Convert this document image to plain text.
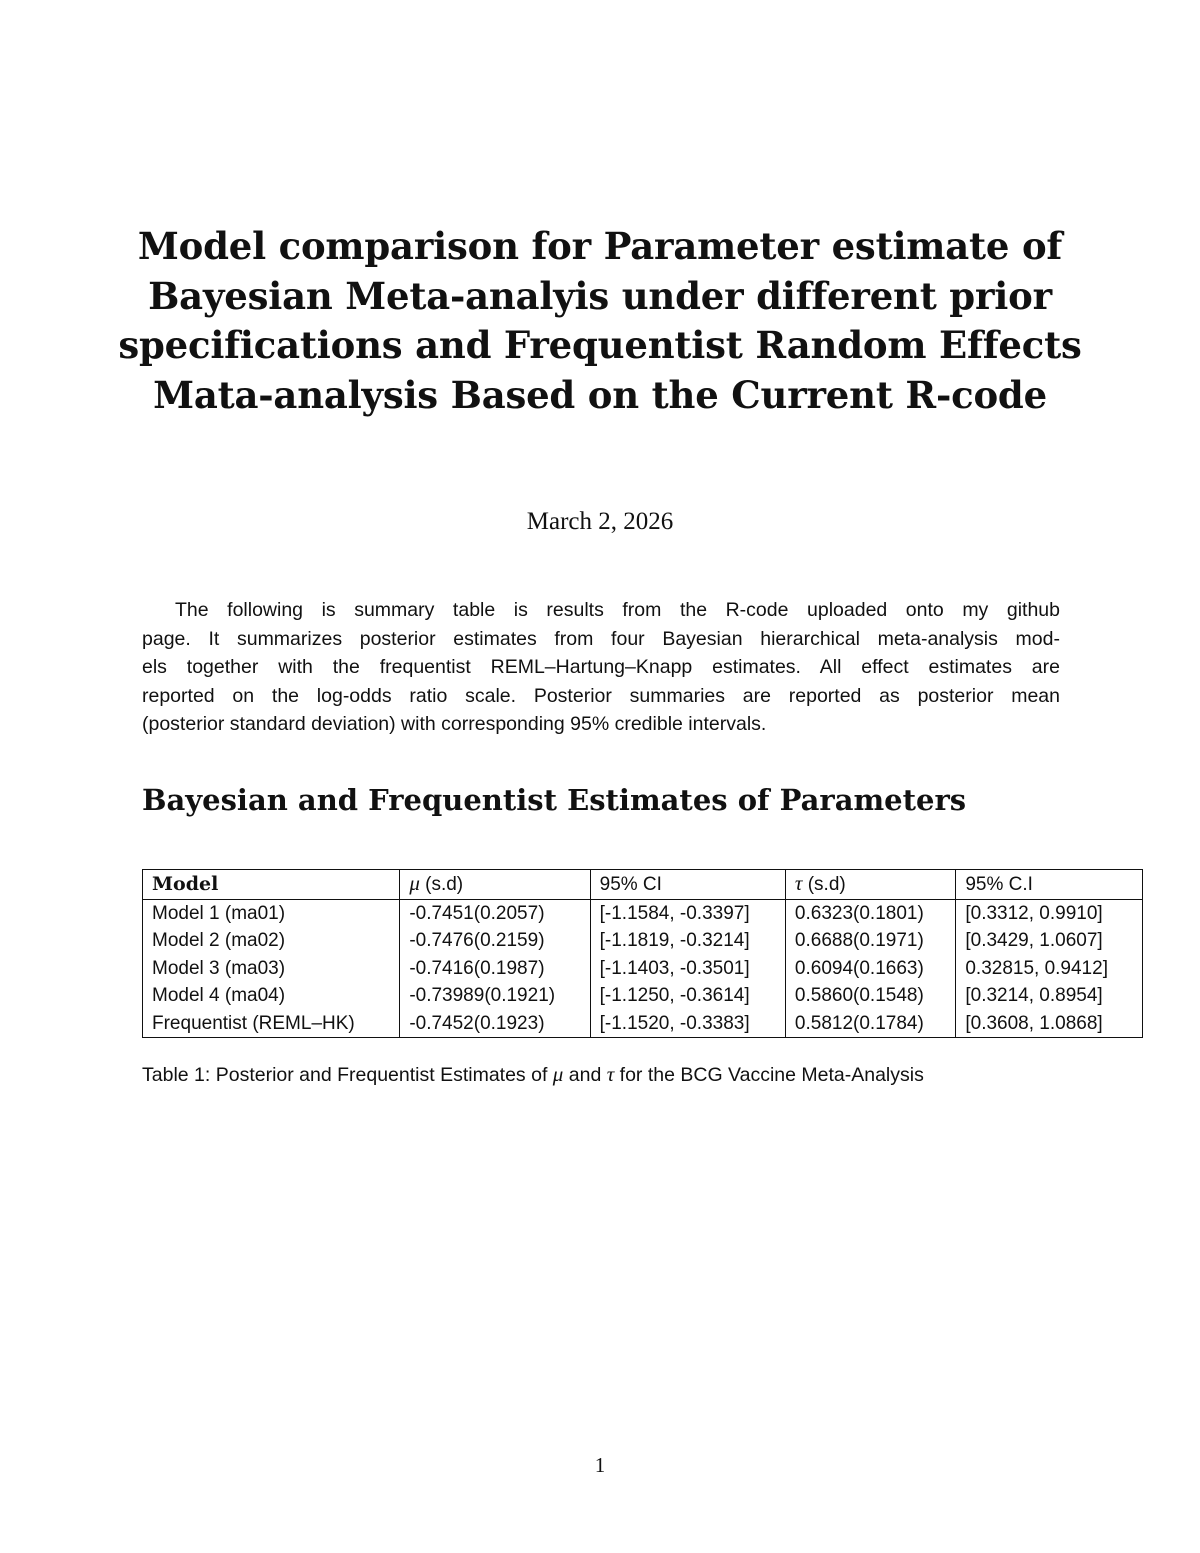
Model comparison for Parameter estimate of
Bayesian Meta-analyis under different prior
specifications and Frequentist Random Effects
Mata-analysis Based on the Current R-code
March 2, 2026

The following is summary table is results from the R-code uploaded onto my github
page. It summarizes posterior estimates from four Bayesian hierarchical meta-analysis mod-
els together with the frequentist REML–Hartung–Knapp estimates. All effect estimates are
reported on the log-odds ratio scale. Posterior summaries are reported as posterior mean
(posterior standard deviation) with corresponding 95% credible intervals.

Bayesian and Frequentist Estimates of Parameters
Model	μ (s.d)	95% CI	τ (s.d)	95% C.I
Model 1 (ma01)	-0.7451(0.2057)	[-1.1584, -0.3397]	0.6323(0.1801)	[0.3312, 0.9910]
Model 2 (ma02)	-0.7476(0.2159)	[-1.1819, -0.3214]	0.6688(0.1971)	[0.3429, 1.0607]
Model 3 (ma03)	-0.7416(0.1987)	[-1.1403, -0.3501]	0.6094(0.1663)	0.32815, 0.9412]
Model 4 (ma04)	-0.73989(0.1921)	[-1.1250, -0.3614]	0.5860(0.1548)	[0.3214, 0.8954]
Frequentist (REML–HK)	-0.7452(0.1923)	[-1.1520, -0.3383]	0.5812(0.1784)	[0.3608, 1.0868]

Table 1: Posterior and Frequentist Estimates of μ and τ for the BCG Vaccine Meta-Analysis

1
